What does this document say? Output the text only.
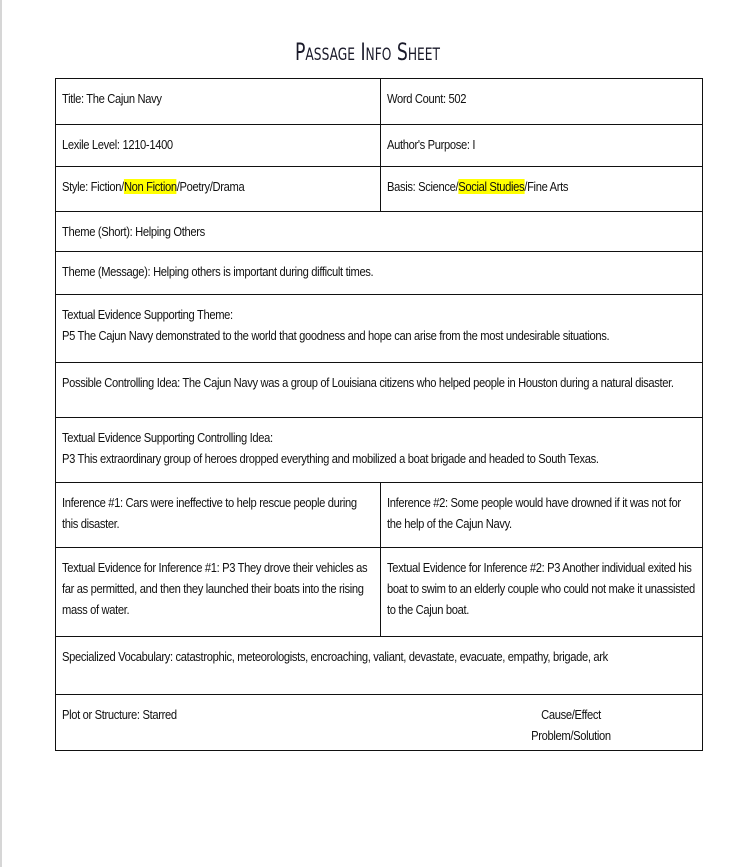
Passage Info Sheet
Title: The Cajun Navy	Word Count: 502
Lexile Level: 1210-1400	Author's Purpose: I
Style: Fiction/Non Fiction/Poetry/Drama	Basis: Science/Social Studies/Fine Arts
Theme (Short): Helping Others	
Theme (Message): Helping others is important during difficult times.	
Textual Evidence Supporting Theme:
P5 The Cajun Navy demonstrated to the world that goodness and hope can arise from the most undesirable situations.	

Possible Controlling Idea: The Cajun Navy was a group of Louisiana citizens who helped people in Houston during a natural disaster.	

Textual Evidence Supporting Controlling Idea:
P3 This extraordinary group of heroes dropped everything and mobilized a boat brigade and headed to South Texas.	

Inference #1: Cars were ineffective to help rescue people during this disaster.	Inference #2: Some people would have drowned if it was not for the help of the Cajun Navy.

Textual Evidence for Inference #1: P3 They drove their vehicles as far as permitted, and then they launched their boats into the rising mass of water.	Textual Evidence for Inference #2: P3 Another individual exited his boat to swim to an elderly couple who could not make it unassisted to the Cajun boat.

Specialized Vocabulary: catastrophic, meteorologists, encroaching, valiant, devastate, evacuate, empathy, brigade, ark	
Plot or Structure: Starred Cause/Effect
Problem/Solution	
